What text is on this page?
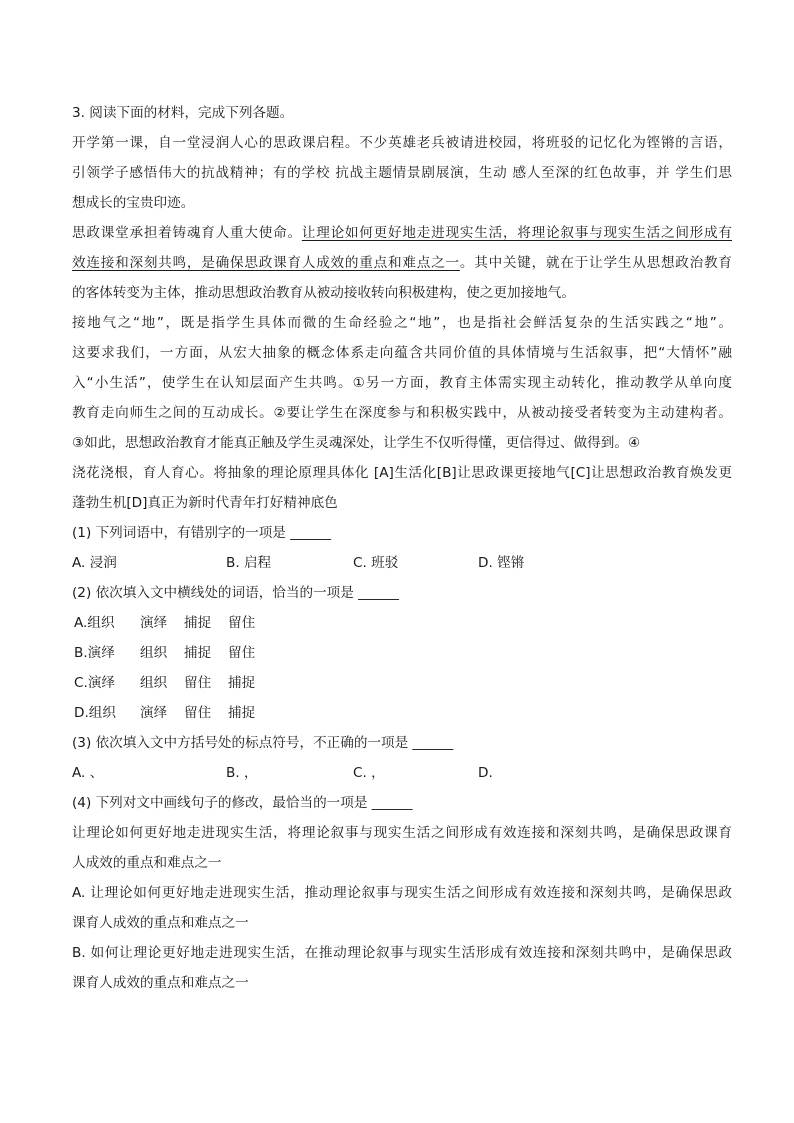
3. 阅读下面的材料，完成下列各题。
开学第一课，自一堂浸润人心的思政课启程。不少英雄老兵被请进校园，将班驳的记忆化为铿锵的言语，
引领学子感悟伟大的抗战精神；有的学校 抗战主题情景剧展演，生动 感人至深的红色故事，并 学生们思
想成长的宝贵印迹。
思政课堂承担着铸魂育人重大使命。让理论如何更好地走进现实生活，将理论叙事与现实生活之间形成有
效连接和深刻共鸣，是确保思政课育人成效的重点和难点之一。其中关键，就在于让学生从思想政治教育
的客体转变为主体，推动思想政治教育从被动接收转向积极建构，使之更加接地气。
接地气之“地”，既是指学生具体而微的生命经验之“地”，也是指社会鲜活复杂的生活实践之“地”。
这要求我们，一方面，从宏大抽象的概念体系走向蕴含共同价值的具体情境与生活叙事，把“大情怀”融
入“小生活”，使学生在认知层面产生共鸣。①另一方面，教育主体需实现主动转化，推动教学从单向度
教育走向师生之间的互动成长。②要让学生在深度参与和积极实践中，从被动接受者转变为主动建构者。
③如此，思想政治教育才能真正触及学生灵魂深处，让学生不仅听得懂，更信得过、做得到。④
浇花浇根，育人育心。将抽象的理论原理具体化 [A]生活化[B]让思政课更接地气[C]让思想政治教育焕发更
蓬勃生机[D]真正为新时代青年打好精神底色
(1) 下列词语中，有错别字的一项是 ______
A. 浸润	B. 启程	C. 班驳	D. 铿锵
(2) 依次填入文中横线处的词语，恰当的一项是 ______
A.组织 演绎 捕捉 留住
B.演绎 组织 捕捉 留住
C.演绎 组织 留住 捕捉
D.组织 演绎 留住 捕捉
(3) 依次填入文中方括号处的标点符号，不正确的一项是 ______
A. 、	B. ，	C. ，	D.
(4) 下列对文中画线句子的修改，最恰当的一项是 ______
让理论如何更好地走进现实生活，将理论叙事与现实生活之间形成有效连接和深刻共鸣，是确保思政课育
人成效的重点和难点之一
A. 让理论如何更好地走进现实生活，推动理论叙事与现实生活之间形成有效连接和深刻共鸣，是确保思政
课育人成效的重点和难点之一
B. 如何让理论更好地走进现实生活，在推动理论叙事与现实生活形成有效连接和深刻共鸣中，是确保思政
课育人成效的重点和难点之一
